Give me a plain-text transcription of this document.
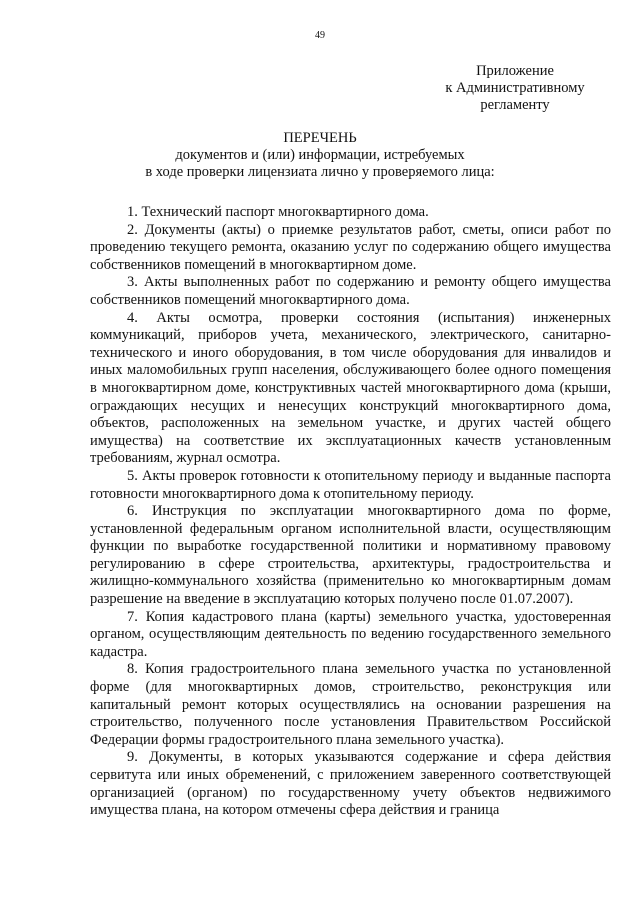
49
Приложение
к Административному
регламенту
ПЕРЕЧЕНЬ
документов и (или) информации, истребуемых
в ходе проверки лицензиата лично у проверяемого лица:

1. Технический паспорт многоквартирного дома.

2. Документы (акты) о приемке результатов работ, сметы, описи работ по проведению текущего ремонта, оказанию услуг по содержанию общего имущества собственников помещений в многоквартирном доме.

3. Акты выполненных работ по содержанию и ремонту общего имущества собственников помещений многоквартирного дома.

4. Акты осмотра, проверки состояния (испытания) инженерных коммуникаций, приборов учета, механического, электрического, санитарно-технического и иного оборудования, в том числе оборудования для инвалидов и иных маломобильных групп населения, обслуживающего более одного помещения в многоквартирном доме, конструктивных частей многоквартирного дома (крыши, ограждающих несущих и ненесущих конструкций многоквартирного дома, объектов, расположенных на земельном участке, и других частей общего имущества) на соответствие их эксплуатационных качеств установленным требованиям, журнал осмотра.

5. Акты проверок готовности к отопительному периоду и выданные паспорта готовности многоквартирного дома к отопительному периоду.

6. Инструкция по эксплуатации многоквартирного дома по форме, установленной федеральным органом исполнительной власти, осуществляющим функции по выработке государственной политики и нормативному правовому регулированию в сфере строительства, архитектуры, градостроительства и жилищно-коммунального хозяйства (применительно ко многоквартирным домам разрешение на введение в эксплуатацию которых получено после 01.07.2007).

7. Копия кадастрового плана (карты) земельного участка, удостоверенная органом, осуществляющим деятельность по ведению государственного земельного кадастра.

8. Копия градостроительного плана земельного участка по установленной форме (для многоквартирных домов, строительство, реконструкция или капитальный ремонт которых осуществлялись на основании разрешения на строительство, полученного после установления Правительством Российской Федерации формы градостроительного плана земельного участка).

9. Документы, в которых указываются содержание и сфера действия сервитута или иных обременений, с приложением заверенного соответствующей организацией (органом) по государственному учету объектов недвижимого имущества плана, на котором отмечены сфера действия и граница
